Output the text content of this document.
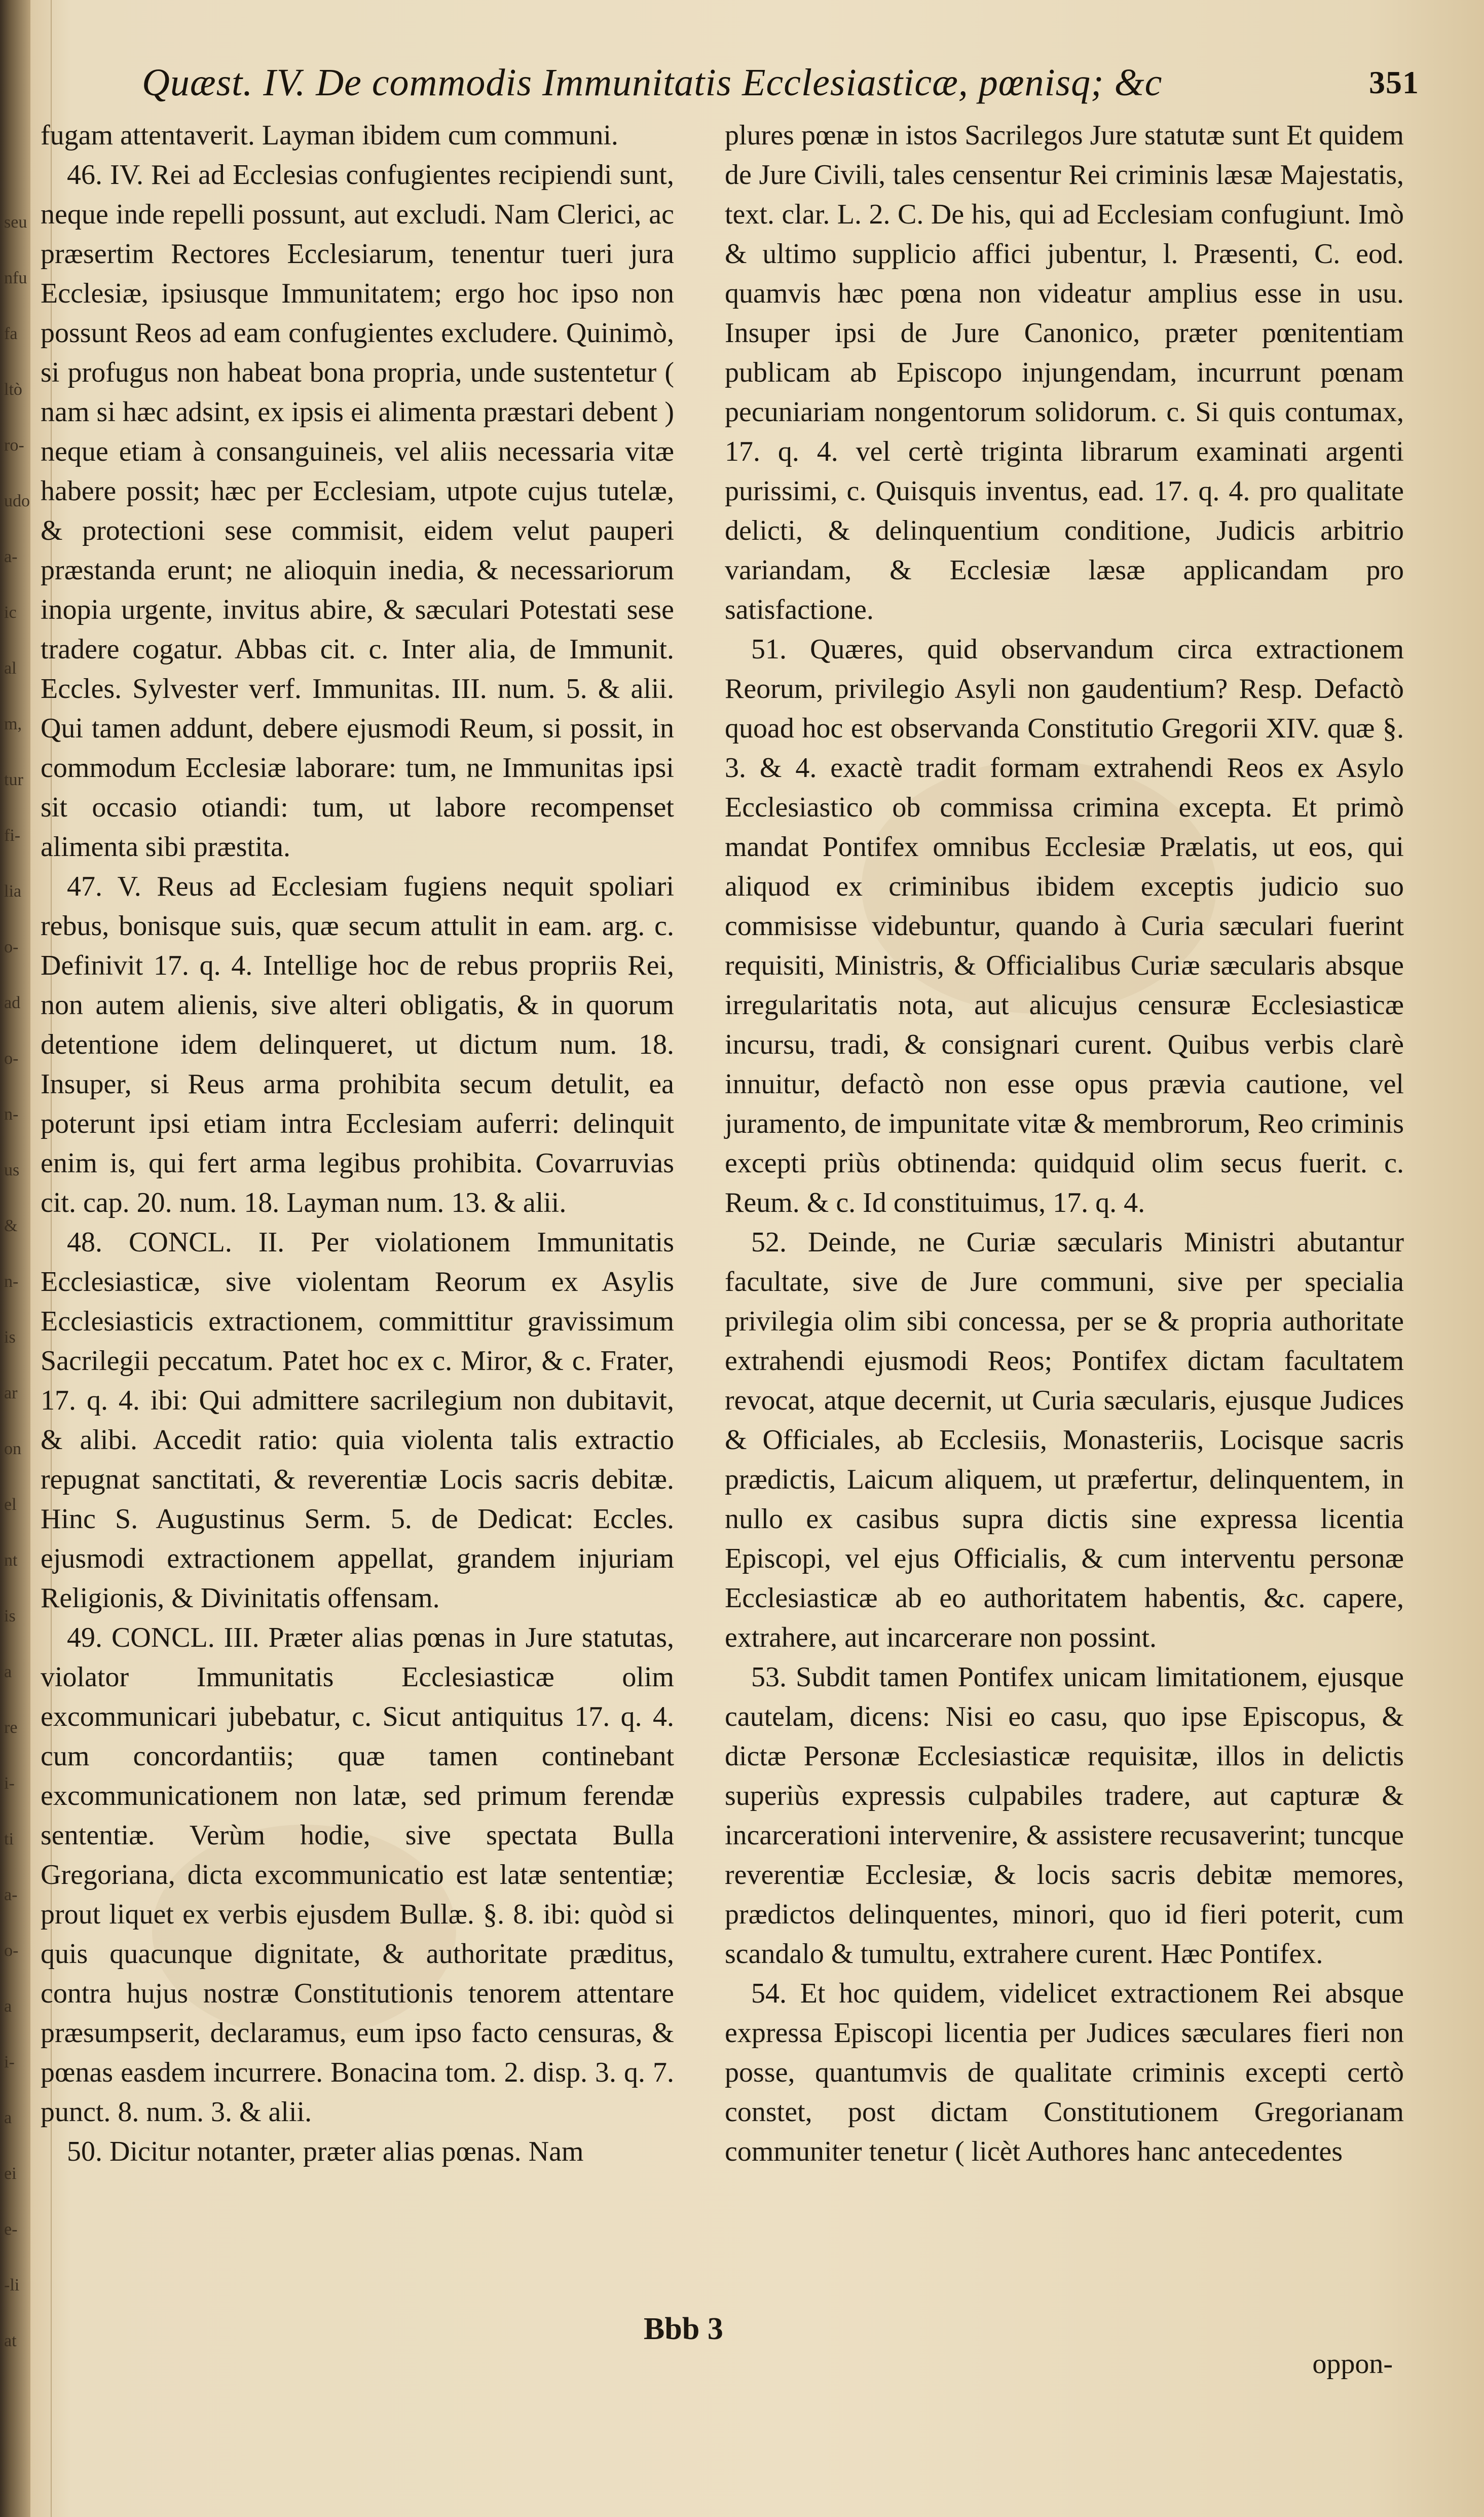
seu
nfu
fa
ltò
ro-
udo
a-
ic
al
m,
tur
fi-
lia
o-
ad
o-
n-
us
&
n-
is
ar
on
el
nt
is
a
re
i-
ti
a-
o-
a
i-
a
ei
e-
-li
at
Quæst. IV. De commodis Immunitatis Ecclesiasticæ, pœnisq; &c	351

fugam attentaverit. Layman ibidem cum communi.

46. IV. Rei ad Ecclesias confugientes recipiendi sunt, neque inde repelli possunt, aut excludi. Nam Clerici, ac præsertim Rectores Ecclesiarum, tenentur tueri jura Ecclesiæ, ipsiusque Immunitatem; ergo hoc ipso non possunt Reos ad eam confugientes excludere. Quinimò, si profugus non habeat bona propria, unde sustentetur ( nam si hæc adsint, ex ipsis ei alimenta præstari debent ) neque etiam à consanguineis, vel aliis necessaria vitæ habere possit; hæc per Ecclesiam, utpote cujus tutelæ, & protectioni sese commisit, eidem velut pauperi præstanda erunt; ne alioquin inedia, & necessariorum inopia urgente, invitus abire, & sæculari Potestati sese tradere cogatur. Abbas cit. c. Inter alia, de Immunit. Eccles. Sylvester verf. Immunitas. III. num. 5. & alii. Qui tamen addunt, debere ejusmodi Reum, si possit, in commodum Ecclesiæ laborare: tum, ne Immunitas ipsi sit occasio otiandi: tum, ut labore recompenset alimenta sibi præstita.

47. V. Reus ad Ecclesiam fugiens nequit spoliari rebus, bonisque suis, quæ secum attulit in eam. arg. c. Definivit 17. q. 4. Intellige hoc de rebus propriis Rei, non autem alienis, sive alteri obligatis, & in quorum detentione idem delinqueret, ut dictum num. 18. Insuper, si Reus arma prohibita secum detulit, ea poterunt ipsi etiam intra Ecclesiam auferri: delinquit enim is, qui fert arma legibus prohibita. Covarruvias cit. cap. 20. num. 18. Layman num. 13. & alii.

48. CONCL. II. Per violationem Immunitatis Ecclesiasticæ, sive violentam Reorum ex Asylis Ecclesiasticis extractionem, committitur gravissimum Sacrilegii peccatum. Patet hoc ex c. Miror, & c. Frater, 17. q. 4. ibi: Qui admittere sacrilegium non dubitavit, & alibi. Accedit ratio: quia violenta talis extractio repugnat sanctitati, & reverentiæ Locis sacris debitæ. Hinc S. Augustinus Serm. 5. de Dedicat: Eccles. ejusmodi extractionem appellat, grandem injuriam Religionis, & Divinitatis offensam.

49. CONCL. III. Præter alias pœnas in Jure statutas, violator Immunitatis Ecclesiasticæ olim excommunicari jubebatur, c. Sicut antiquitus 17. q. 4. cum concordantiis; quæ tamen continebant excommunicationem non latæ, sed primum ferendæ sententiæ. Verùm hodie, sive spectata Bulla Gregoriana, dicta excommunicatio est latæ sententiæ; prout liquet ex verbis ejusdem Bullæ. §. 8. ibi: quòd si quis quacunque dignitate, & authoritate præditus, contra hujus nostræ Constitutionis tenorem attentare præsumpserit, declaramus, eum ipso facto censuras, & pœnas easdem incurrere. Bonacina tom. 2. disp. 3. q. 7. punct. 8. num. 3. & alii.

50. Dicitur notanter, præter alias pœnas. Nam

plures pœnæ in istos Sacrilegos Jure statutæ sunt Et quidem de Jure Civili, tales censentur Rei criminis læsæ Majestatis, text. clar. L. 2. C. De his, qui ad Ecclesiam confugiunt. Imò & ultimo supplicio affici jubentur, l. Præsenti, C. eod. quamvis hæc pœna non videatur amplius esse in usu. Insuper ipsi de Jure Canonico, præter pœnitentiam publicam ab Episcopo injungendam, incurrunt pœnam pecuniariam nongentorum solidorum. c. Si quis contumax, 17. q. 4. vel certè triginta librarum examinati argenti purissimi, c. Quisquis inventus, ead. 17. q. 4. pro qualitate delicti, & delinquentium conditione, Judicis arbitrio variandam, & Ecclesiæ læsæ applicandam pro satisfactione.

51. Quæres, quid observandum circa extractionem Reorum, privilegio Asyli non gaudentium? Resp. Defactò quoad hoc est observanda Constitutio Gregorii XIV. quæ §. 3. & 4. exactè tradit formam extrahendi Reos ex Asylo Ecclesiastico ob commissa crimina excepta. Et primò mandat Pontifex omnibus Ecclesiæ Prælatis, ut eos, qui aliquod ex criminibus ibidem exceptis judicio suo commisisse videbuntur, quando à Curia sæculari fuerint requisiti, Ministris, & Officialibus Curiæ sæcularis absque irregularitatis nota, aut alicujus censuræ Ecclesiasticæ incursu, tradi, & consignari curent. Quibus verbis clarè innuitur, defactò non esse opus prævia cautione, vel juramento, de impunitate vitæ & membrorum, Reo criminis excepti priùs obtinenda: quidquid olim secus fuerit. c. Reum. & c. Id constituimus, 17. q. 4.

52. Deinde, ne Curiæ sæcularis Ministri abutantur facultate, sive de Jure communi, sive per specialia privilegia olim sibi concessa, per se & propria authoritate extrahendi ejusmodi Reos; Pontifex dictam facultatem revocat, atque decernit, ut Curia sæcularis, ejusque Judices & Officiales, ab Ecclesiis, Monasteriis, Locisque sacris prædictis, Laicum aliquem, ut præfertur, delinquentem, in nullo ex casibus supra dictis sine expressa licentia Episcopi, vel ejus Officialis, & cum interventu personæ Ecclesiasticæ ab eo authoritatem habentis, &c. capere, extrahere, aut incarcerare non possint.

53. Subdit tamen Pontifex unicam limitationem, ejusque cautelam, dicens: Nisi eo casu, quo ipse Episcopus, & dictæ Personæ Ecclesiasticæ requisitæ, illos in delictis superiùs expressis culpabiles tradere, aut capturæ & incarcerationi intervenire, & assistere recusaverint; tuncque reverentiæ Ecclesiæ, & locis sacris debitæ memores, prædictos delinquentes, minori, quo id fieri poterit, cum scandalo & tumultu, extrahere curent. Hæc Pontifex.

54. Et hoc quidem, videlicet extractionem Rei absque expressa Episcopi licentia per Judices sæculares fieri non posse, quantumvis de qualitate criminis excepti certò constet, post dictam Constitutionem Gregorianam communiter tenetur ( licèt Authores hanc antecedentes

Bbb 3
oppon-
